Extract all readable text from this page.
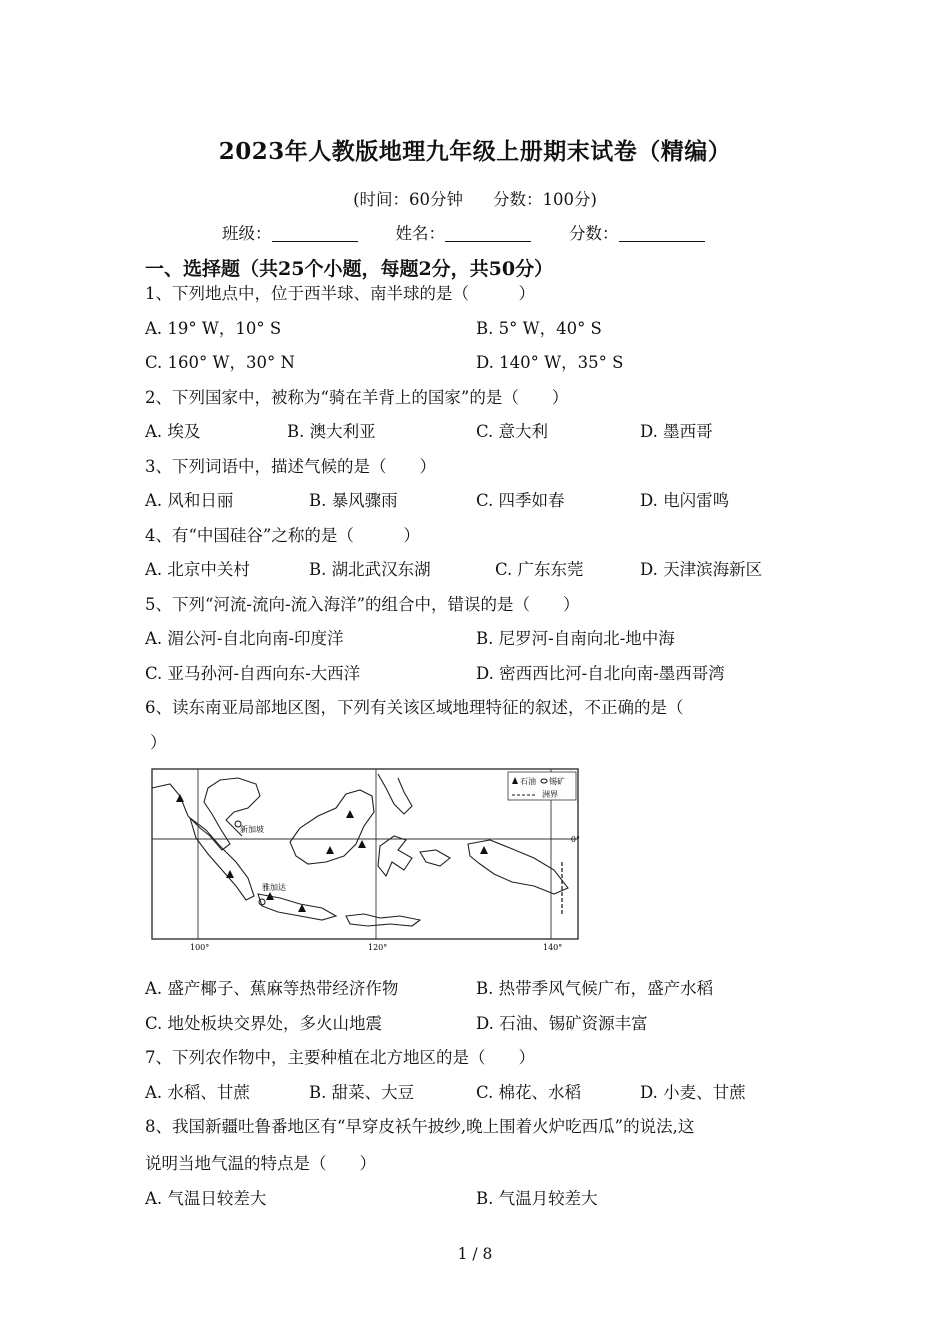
2023年人教版地理九年级上册期末试卷（精编）
(时间：60分钟 分数：100分)
班级：	姓名：	分数：
一、选择题（共25个小题，每题2分，共50分）
1、下列地点中，位于西半球、南半球的是（　　　）
A. 19° W，10° S	B. 5° W，40° S
C. 160° W，30° N	D. 140° W，35° S
2、下列国家中，被称为“骑在羊背上的国家”的是（　　）
A. 埃及	B. 澳大利亚	C. 意大利	D. 墨西哥
3、下列词语中，描述气候的是（　　）
A. 风和日丽	B. 暴风骤雨	C. 四季如春	D. 电闪雷鸣
4、有“中国硅谷”之称的是（　　　）
A. 北京中关村	B. 湖北武汉东湖	C. 广东东莞	D. 天津滨海新区
5、下列“河流-流向-流入海洋”的组合中，错误的是（　　）
A. 湄公河-自北向南-印度洋	B. 尼罗河-自南向北-地中海
C. 亚马孙河-自西向东-大西洋	D. 密西西比河-自北向南-墨西哥湾
6、读东南亚局部地区图，下列有关该区域地理特征的叙述，不正确的是（
）
石油 锡矿
洲界
新加坡
雅加达
100°	120°	140°
0°
A. 盛产椰子、蕉麻等热带经济作物	B. 热带季风气候广布，盛产水稻
C. 地处板块交界处，多火山地震	D. 石油、锡矿资源丰富
7、下列农作物中，主要种植在北方地区的是（　　）
A. 水稻、甘蔗	B. 甜菜、大豆	C. 棉花、水稻	D. 小麦、甘蔗
8、我国新疆吐鲁番地区有“早穿皮袄午披纱,晚上围着火炉吃西瓜”的说法,这
说明当地气温的特点是（　　）
A. 气温日较差大	B. 气温月较差大
1 / 8
